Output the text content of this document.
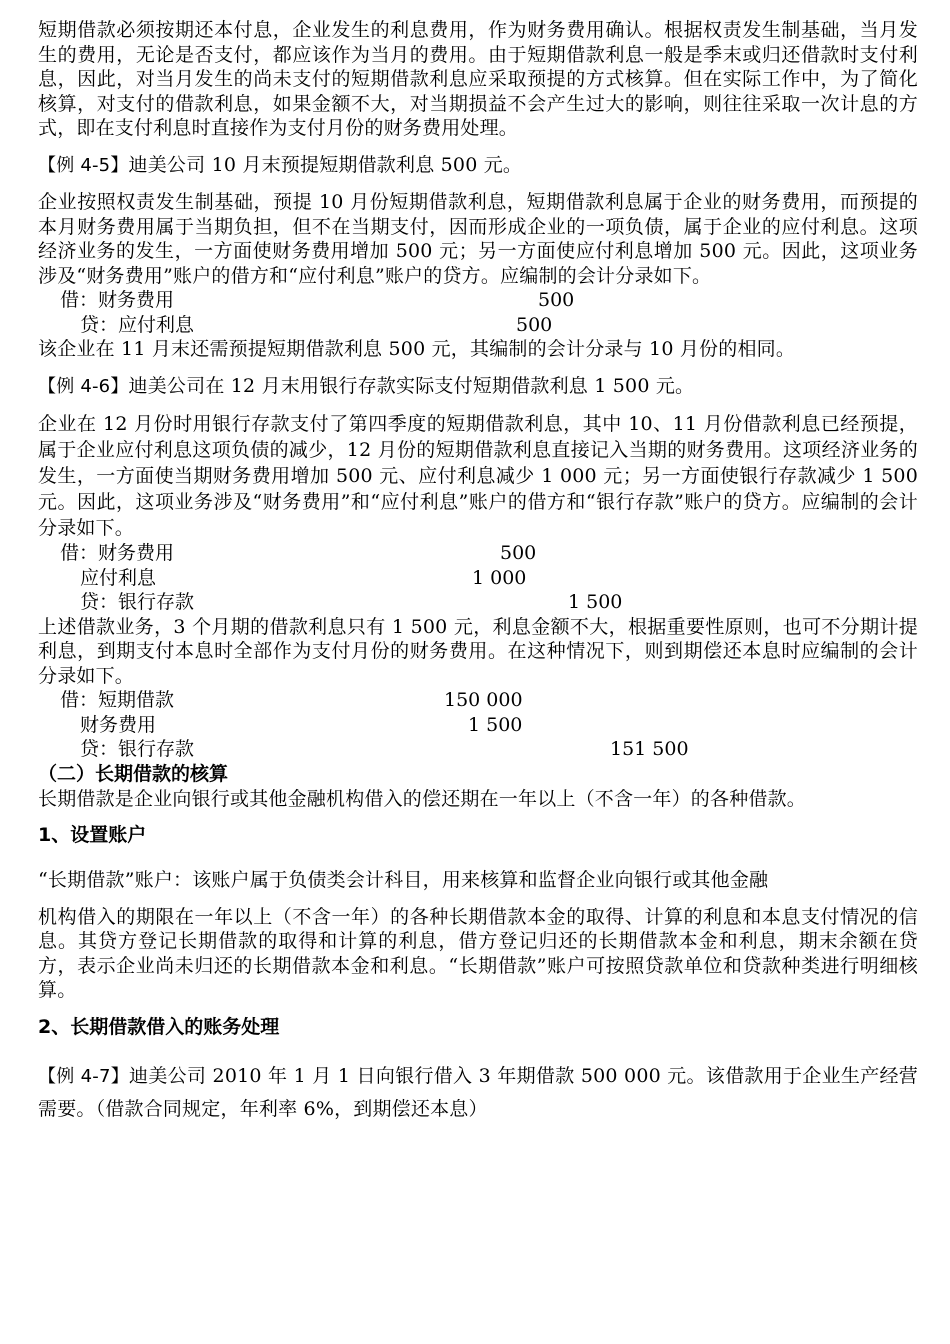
短期借款必须按期还本付息，企业发生的利息费用，作为财务费用确认。根据权责发生制基础，当月发生的费用，无论是否支付，都应该作为当月的费用。由于短期借款利息一般是季末或归还借款时支付利息，因此，对当月发生的尚未支付的短期借款利息应采取预提的方式核算。但在实际工作中，为了简化核算，对支付的借款利息，如果金额不大，对当期损益不会产生过大的影响，则往往采取一次计息的方式，即在支付利息时直接作为支付月份的财务费用处理。

【例 4-5】迪美公司 10 月末预提短期借款利息 500 元。

企业按照权责发生制基础，预提 10 月份短期借款利息，短期借款利息属于企业的财务费用，而预提的本月财务费用属于当期负担，但不在当期支付，因而形成企业的一项负债，属于企业的应付利息。这项经济业务的发生，一方面使财务费用增加 500 元；另一方面使应付利息增加 500 元。因此，这项业务涉及“财务费用”账户的借方和“应付利息”账户的贷方。应编制的会计分录如下。

借：财务费用	500
贷：应付利息	500

该企业在 11 月末还需预提短期借款利息 500 元，其编制的会计分录与 10 月份的相同。

【例 4-6】迪美公司在 12 月末用银行存款实际支付短期借款利息 1 500 元。

企业在 12 月份时用银行存款支付了第四季度的短期借款利息，其中 10、11 月份借款利息已经预提，属于企业应付利息这项负债的减少，12 月份的短期借款利息直接记入当期的财务费用。这项经济业务的发生，一方面使当期财务费用增加 500 元、应付利息减少 1 000 元；另一方面使银行存款减少 1 500 元。因此，这项业务涉及“财务费用”和“应付利息”账户的借方和“银行存款”账户的贷方。应编制的会计分录如下。

借：财务费用	500
应付利息	1 000
贷：银行存款	1 500

上述借款业务，3 个月期的借款利息只有 1 500 元，利息金额不大，根据重要性原则，也可不分期计提利息，到期支付本息时全部作为支付月份的财务费用。在这种情况下，则到期偿还本息时应编制的会计分录如下。

借：短期借款	150 000
财务费用	1 500
贷：银行存款	151 500

（二）长期借款的核算

长期借款是企业向银行或其他金融机构借入的偿还期在一年以上（不含一年）的各种借款。

1、设置账户

“长期借款”账户：该账户属于负债类会计科目，用来核算和监督企业向银行或其他金融

机构借入的期限在一年以上（不含一年）的各种长期借款本金的取得、计算的利息和本息支付情况的信息。其贷方登记长期借款的取得和计算的利息，借方登记归还的长期借款本金和利息，期末余额在贷方，表示企业尚未归还的长期借款本金和利息。“长期借款”账户可按照贷款单位和贷款种类进行明细核算。

2、长期借款借入的账务处理

【例 4-7】迪美公司 2010 年 1 月 1 日向银行借入 3 年期借款 500 000 元。该借款用于企业生产经营需要。（借款合同规定，年利率 6%，到期偿还本息）
